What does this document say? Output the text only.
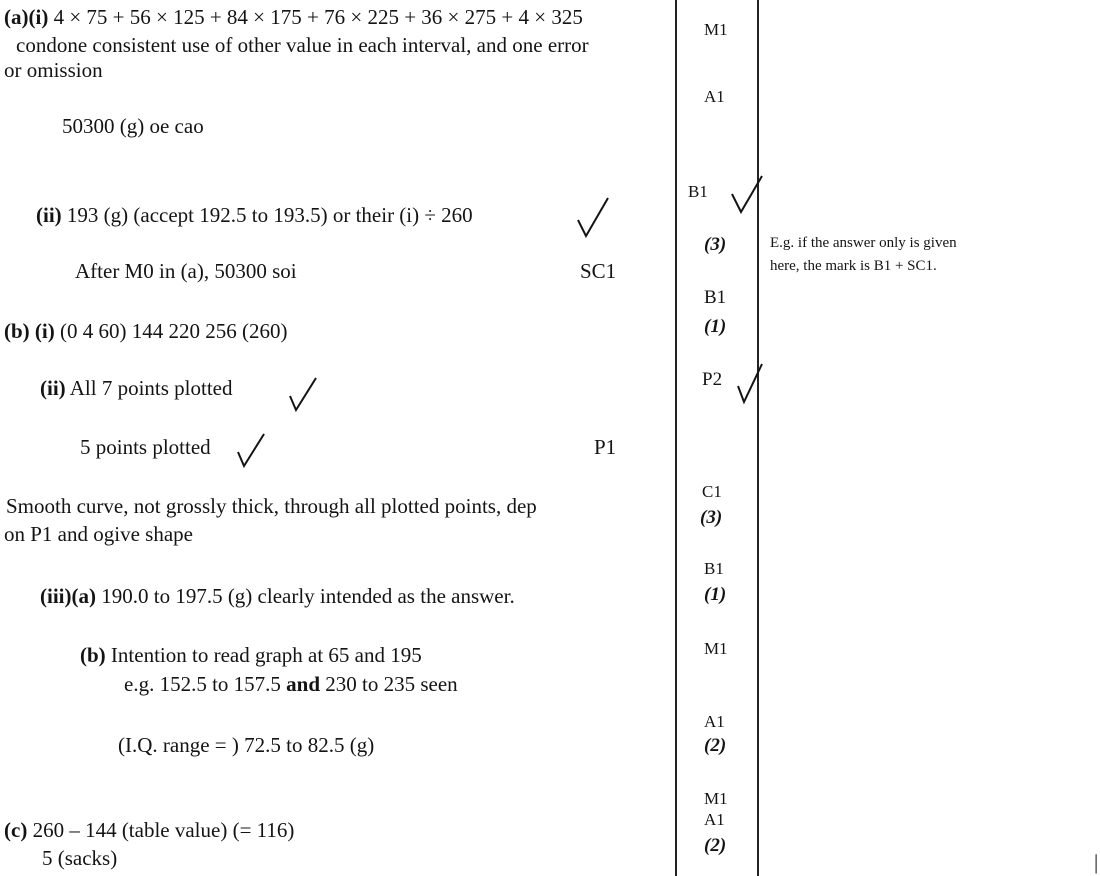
|
(a)(i) 4 × 75 + 56 × 125 + 84 × 175 + 76 × 225 + 36 × 275 + 4 × 325
condone consistent use of other value in each interval, and one error
or omission
50300 (g) oe cao
(ii) 193 (g) (accept 192.5 to 193.5) or their (i) ÷ 260
After M0 in (a), 50300 soi	SC1
(b) (i) (0 4 60) 144 220 256 (260)
(ii) All 7 points plotted
5 points plotted	P1
Smooth curve, not grossly thick, through all plotted points, dep
on P1 and ogive shape
(iii)(a) 190.0 to 197.5 (g) clearly intended as the answer.
(b) Intention to read graph at 65 and 195
e.g. 152.5 to 157.5 and 230 to 235 seen
(I.Q. range = ) 72.5 to 82.5 (g)
(c) 260 – 144 (table value) (= 116)
5 (sacks)
M1
A1
B1
(3)
B1
(1)
P2
C1
(3)
B1
(1)
M1
A1
(2)
M1
A1
(2)
E.g. if the answer only is given
here, the mark is B1 + SC1.
